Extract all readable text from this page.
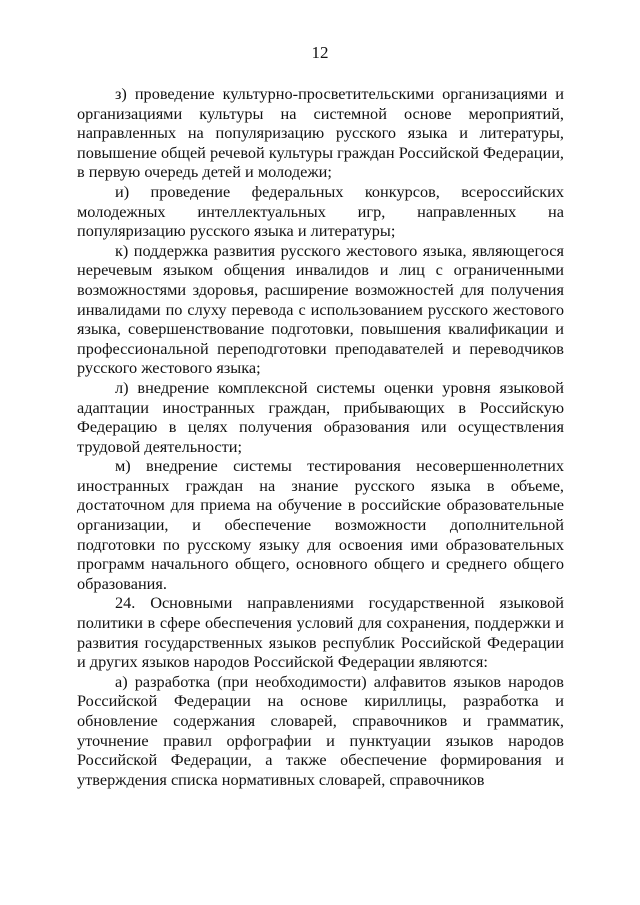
12

з) проведение культурно-просветительскими организациями и организациями культуры на системной основе мероприятий, направленных на популяризацию русского языка и литературы, повышение общей речевой культуры граждан Российской Федерации, в первую очередь детей и молодежи;

и) проведение федеральных конкурсов, всероссийских молодежных интеллектуальных игр, направленных на популяризацию русского языка и литературы;

к) поддержка развития русского жестового языка, являющегося неречевым языком общения инвалидов и лиц с ограниченными возможностями здоровья, расширение возможностей для получения инвалидами по слуху перевода с использованием русского жестового языка, совершенствование подготовки, повышения квалификации и профессиональной переподготовки преподавателей и переводчиков русского жестового языка;

л) внедрение комплексной системы оценки уровня языковой адаптации иностранных граждан, прибывающих в Российскую Федерацию в целях получения образования или осуществления трудовой деятельности;

м) внедрение системы тестирования несовершеннолетних иностранных граждан на знание русского языка в объеме, достаточном для приема на обучение в российские образовательные организации, и обеспечение возможности дополнительной подготовки по русскому языку для освоения ими образовательных программ начального общего, основного общего и среднего общего образования.

24. Основными направлениями государственной языковой политики в сфере обеспечения условий для сохранения, поддержки и развития государственных языков республик Российской Федерации и других языков народов Российской Федерации являются:

а) разработка (при необходимости) алфавитов языков народов Российской Федерации на основе кириллицы, разработка и обновление содержания словарей, справочников и грамматик, уточнение правил орфографии и пунктуации языков народов Российской Федерации, а также обеспечение формирования и утверждения списка нормативных словарей, справочников
